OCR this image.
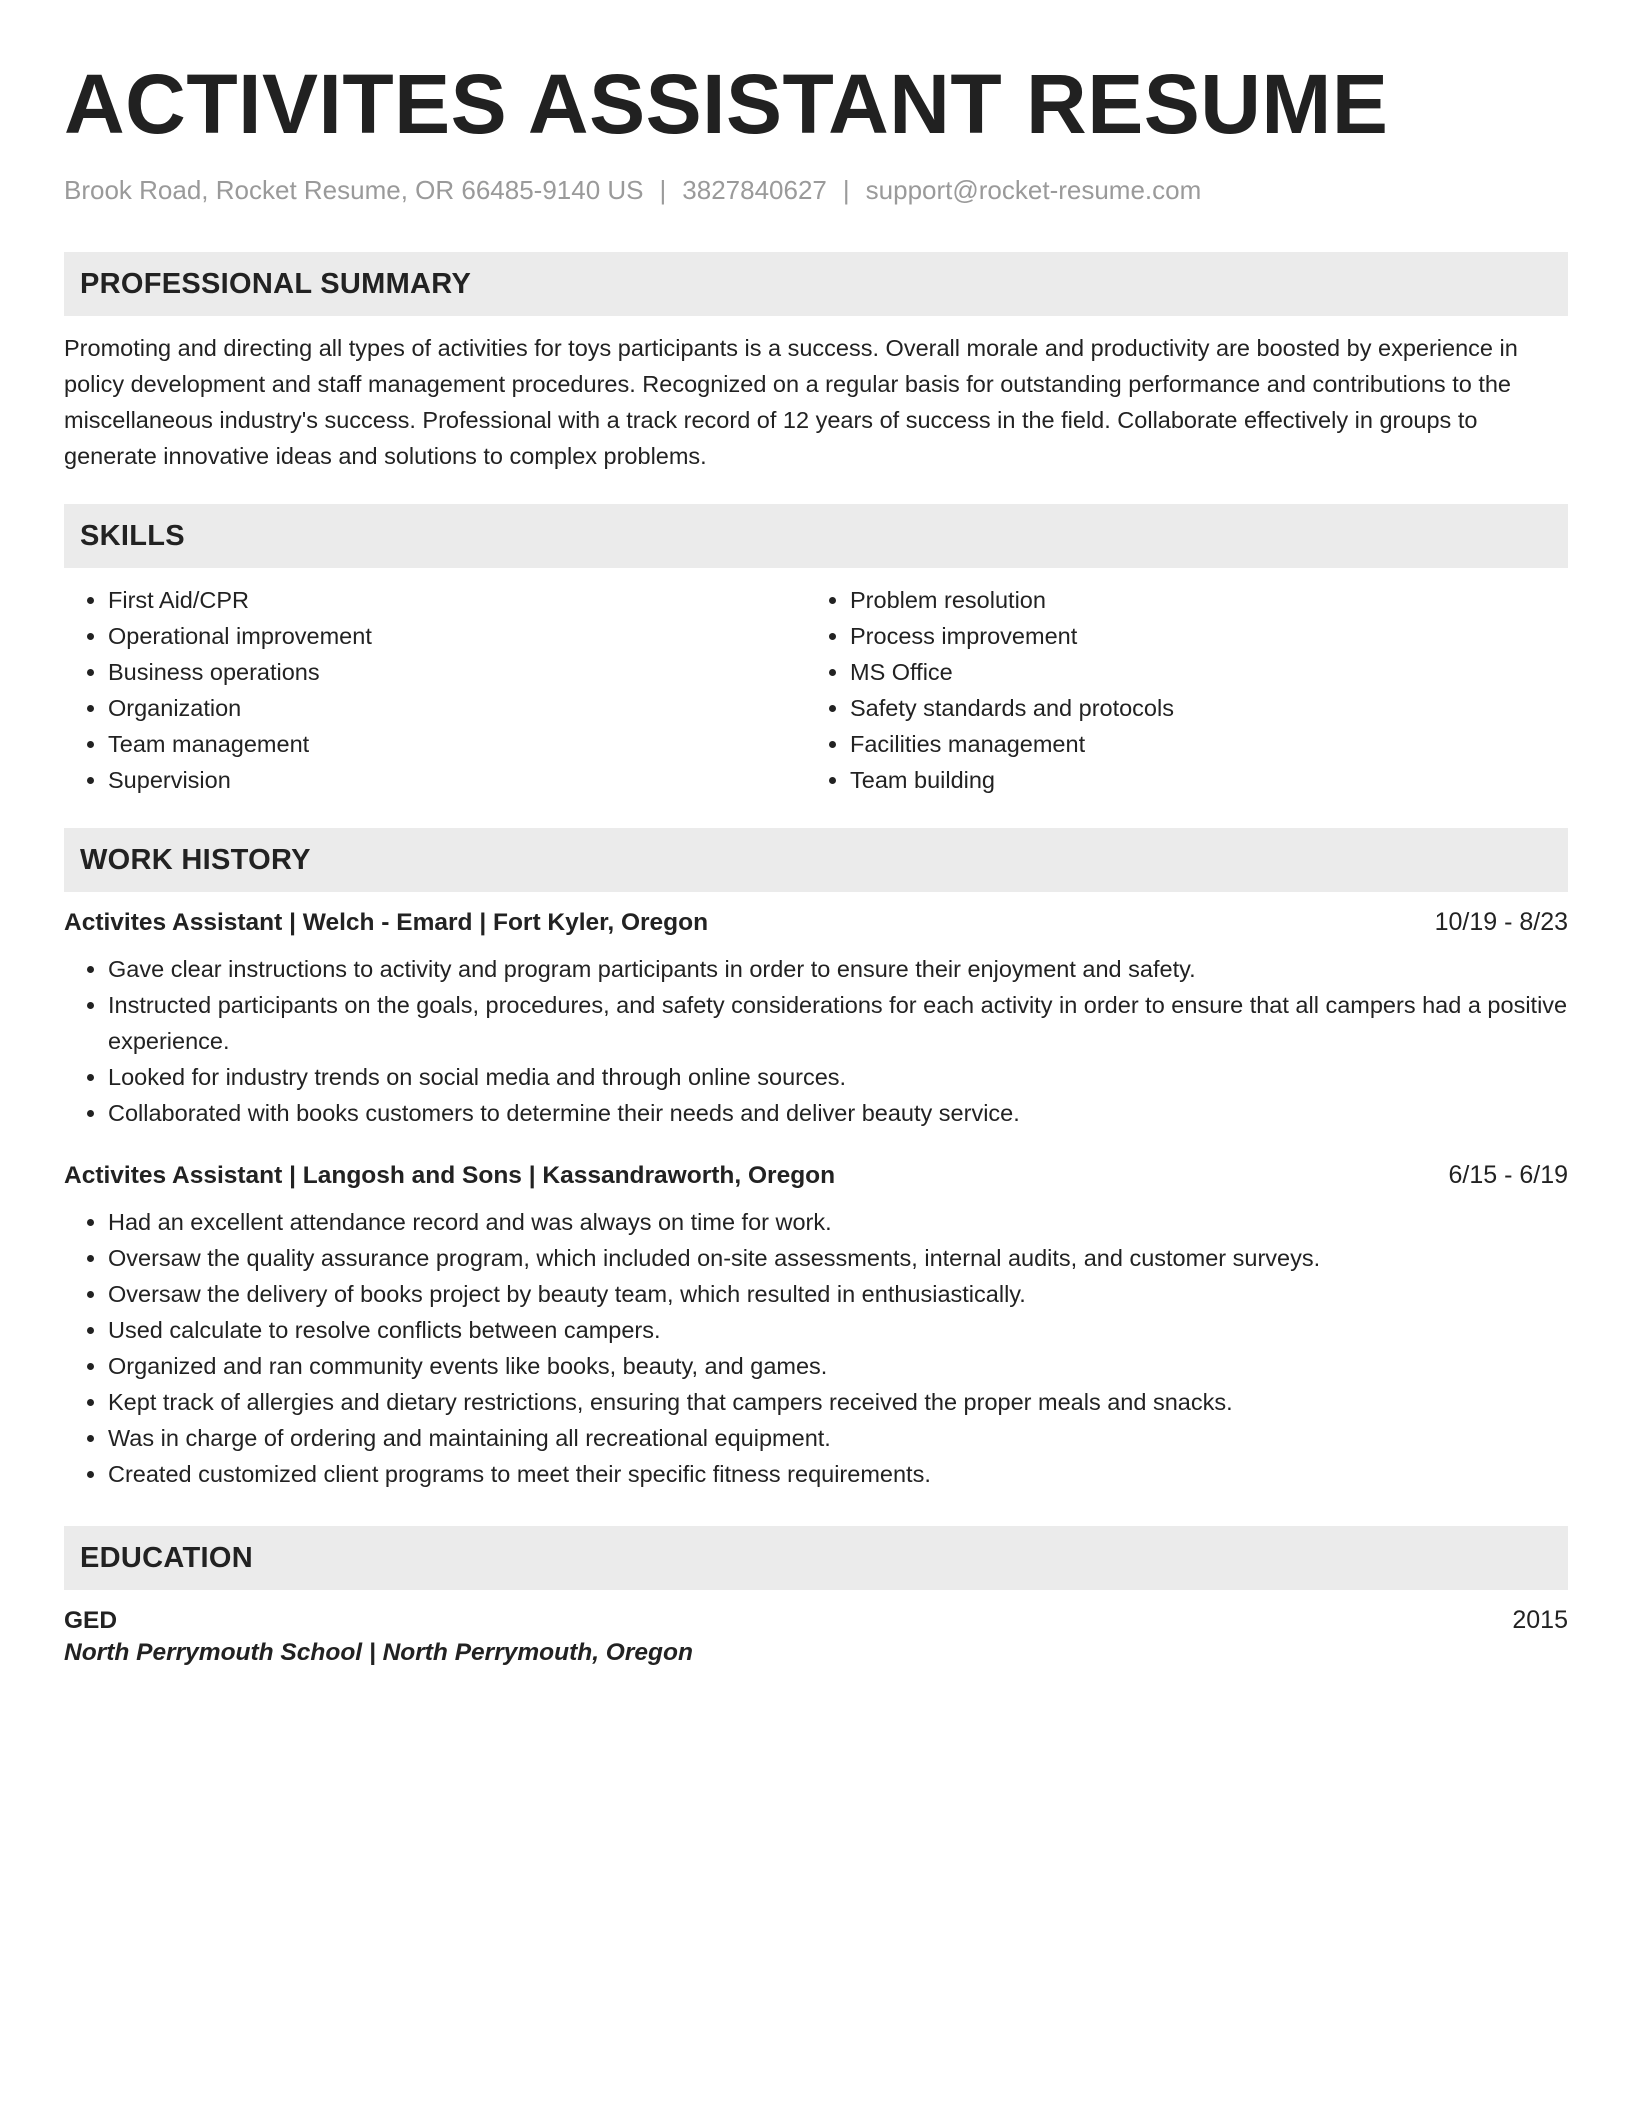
ACTIVITES ASSISTANT RESUME
Brook Road, Rocket Resume, OR 66485-9140 US | 3827840627 | support@rocket-resume.com
PROFESSIONAL SUMMARY

Promoting and directing all types of activities for toys participants is a success. Overall morale and productivity are boosted by experience in policy development and staff management procedures. Recognized on a regular basis for outstanding performance and contributions to the miscellaneous industry's success. Professional with a track record of 12 years of success in the field. Collaborate effectively in groups to generate innovative ideas and solutions to complex problems.

SKILLS
• First Aid/CPR
• Operational improvement
• Business operations
• Organization
• Team management
• Supervision
• Problem resolution
• Process improvement
• MS Office
• Safety standards and protocols
• Facilities management
• Team building
WORK HISTORY
Activites Assistant | Welch - Emard | Fort Kyler, Oregon	10/19 - 8/23
• Gave clear instructions to activity and program participants in order to ensure their enjoyment and safety.
• Instructed participants on the goals, procedures, and safety considerations for each activity in order to ensure that all campers had a positive experience.
• Looked for industry trends on social media and through online sources.
• Collaborated with books customers to determine their needs and deliver beauty service.
Activites Assistant | Langosh and Sons | Kassandraworth, Oregon	6/15 - 6/19
• Had an excellent attendance record and was always on time for work.
• Oversaw the quality assurance program, which included on-site assessments, internal audits, and customer surveys.
• Oversaw the delivery of books project by beauty team, which resulted in enthusiastically.
• Used calculate to resolve conflicts between campers.
• Organized and ran community events like books, beauty, and games.
• Kept track of allergies and dietary restrictions, ensuring that campers received the proper meals and snacks.
• Was in charge of ordering and maintaining all recreational equipment.
• Created customized client programs to meet their specific fitness requirements.
EDUCATION
GED	2015
North Perrymouth School | North Perrymouth, Oregon
